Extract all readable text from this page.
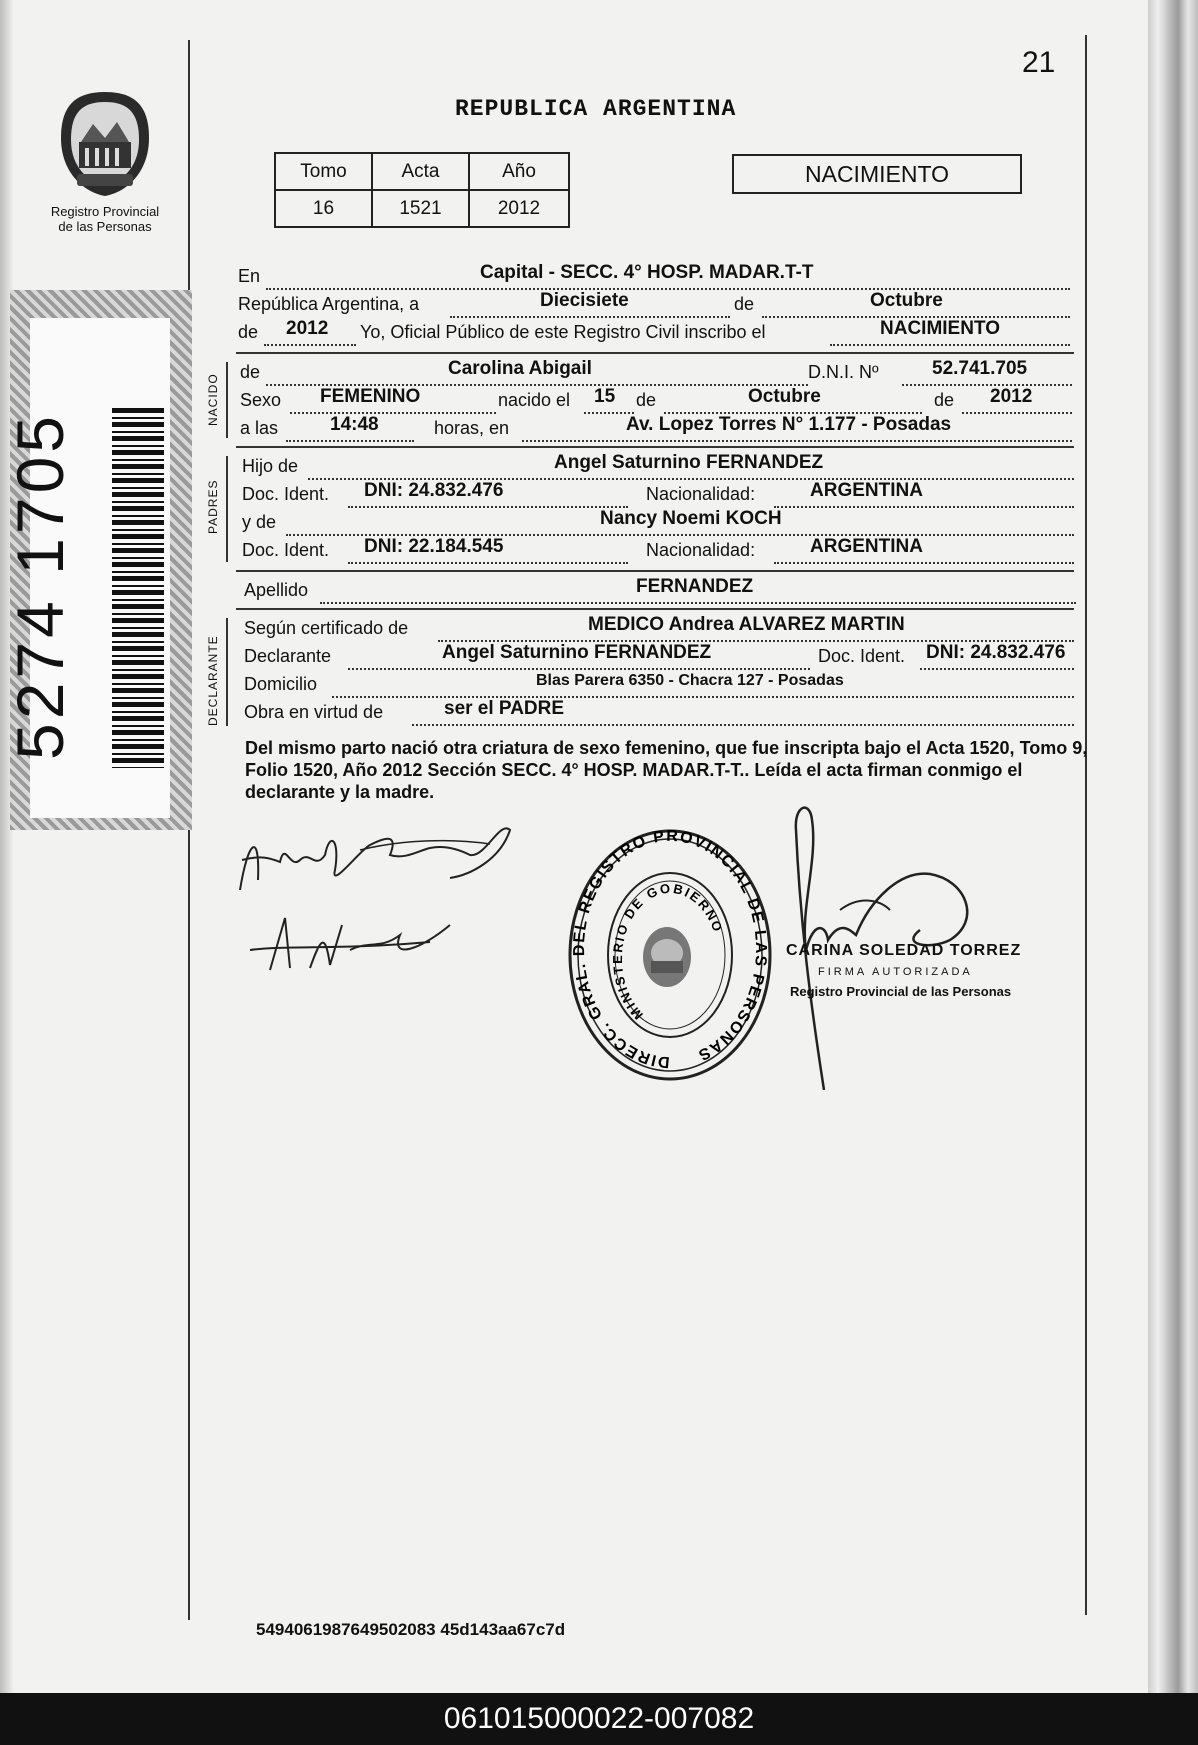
21
Registro Provincial
de las Personas
5274 1705
REPUBLICA ARGENTINA
Tomo	Acta	Año
16	1521	2012
NACIMIENTO
En	Capital - SECC. 4° HOSP. MADAR.T-T
República Argentina, a	Diecisiete	de	Octubre
de 2012 Yo, Oficial Público de este Registro Civil inscribo el	NACIMIENTO
NACIDO
de	Carolina Abigail	D.N.I. Nº	52.741.705
Sexo FEMENINO	nacido el 15 de	Octubre	de 2012
a las	14:48	horas, en	Av. Lopez Torres N° 1.177 - Posadas
PADRES
Hijo de	Angel Saturnino FERNANDEZ
Doc. Ident. DNI: 24.832.476	Nacionalidad:	ARGENTINA
y de	Nancy Noemi KOCH
Doc. Ident. DNI: 22.184.545	Nacionalidad:	ARGENTINA
Apellido	FERNANDEZ
DECLARANTE
Según certificado de	MEDICO Andrea ALVAREZ MARTIN
Declarante	Angel Saturnino FERNANDEZ	Doc. Ident. DNI: 24.832.476
Domicilio	Blas Parera 6350 - Chacra 127 - Posadas
Obra en virtud de	ser el PADRE
Del mismo parto nació otra criatura de sexo femenino, que fue inscripta bajo el Acta 1520, Tomo 9, Folio 1520, Año 2012 Sección SECC. 4° HOSP. MADAR.T-T.. Leída el acta firman conmigo el declarante y la madre.
DIRECC. GRAL. DEL REGISTRO PROVINCIAL DE LAS PERSONAS
MINISTERIO DE GOBIERNO
CARINA SOLEDAD TORREZ
FIRMA AUTORIZADA
Registro Provincial de las Personas
5494061987649502083 45d143aa67c7d
061015000022-007082
